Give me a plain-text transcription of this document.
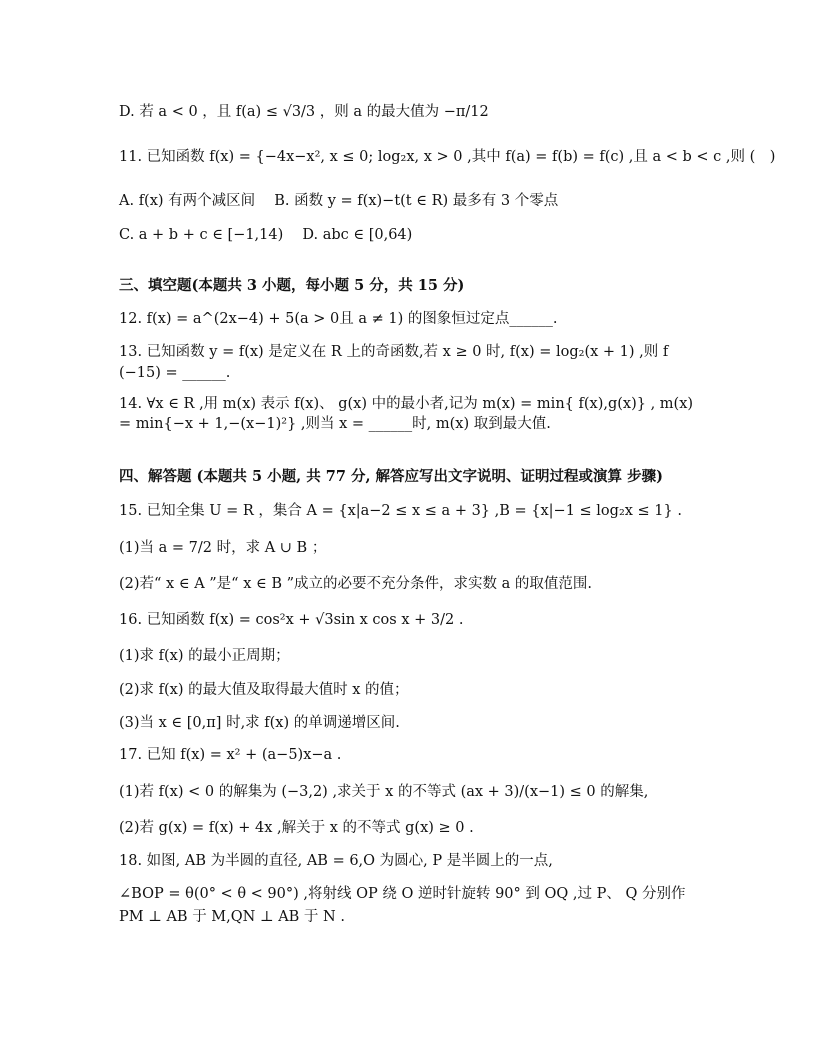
D. 若 a < 0 ，且 f(a) ≤ √3/3 ，则 a 的最大值为 −π/12
11. 已知函数 f(x) = {−4x−x², x ≤ 0; log₂x, x > 0 ,其中 f(a) = f(b) = f(c) ,且 a < b < c ,则 (　)
A. f(x) 有两个减区间　 B. 函数 y = f(x)−t(t ∈ R) 最多有 3 个零点
C. a + b + c ∈ [−1,14)　 D. abc ∈ [0,64)
三、填空题(本题共 3 小题，每小题 5 分，共 15 分)
12. f(x) = a^(2x−4) + 5(a > 0且 a ≠ 1) 的图象恒过定点______.
13. 已知函数 y = f(x) 是定义在 R 上的奇函数,若 x ≥ 0 时, f(x) = log₂(x + 1) ,则 f
(−15) = ______.
14. ∀x ∈ R ,用 m(x) 表示 f(x)、 g(x) 中的最小者,记为 m(x) = min{ f(x),g(x)} , m(x)
= min{−x + 1,−(x−1)²} ,则当 x = ______时, m(x) 取到最大值.
四、解答题 (本题共 5 小题, 共 77 分, 解答应写出文字说明、证明过程或演算 步骤)
15. 已知全集 U = R ，集合 A = {x|a−2 ≤ x ≤ a + 3} ,B = {x|−1 ≤ log₂x ≤ 1} .
(1)当 a = 7/2 时，求 A ∪ B ；
(2)若“ x ∈ A ”是“ x ∈ B ”成立的必要不充分条件，求实数 a 的取值范围.
16. 已知函数 f(x) = cos²x + √3sin x cos x + 3/2 .
(1)求 f(x) 的最小正周期；
(2)求 f(x) 的最大值及取得最大值时 x 的值；
(3)当 x ∈ [0,π] 时,求 f(x) 的单调递增区间.
17. 已知 f(x) = x² + (a−5)x−a .
(1)若 f(x) < 0 的解集为 (−3,2) ,求关于 x 的不等式 (ax + 3)/(x−1) ≤ 0 的解集,
(2)若 g(x) = f(x) + 4x ,解关于 x 的不等式 g(x) ≥ 0 .
18. 如图, AB 为半圆的直径, AB = 6,O 为圆心, P 是半圆上的一点,
∠BOP = θ(0° < θ < 90°) ,将射线 OP 绕 O 逆时针旋转 90° 到 OQ ,过 P、 Q 分别作
PM ⊥ AB 于 M,QN ⊥ AB 于 N .
